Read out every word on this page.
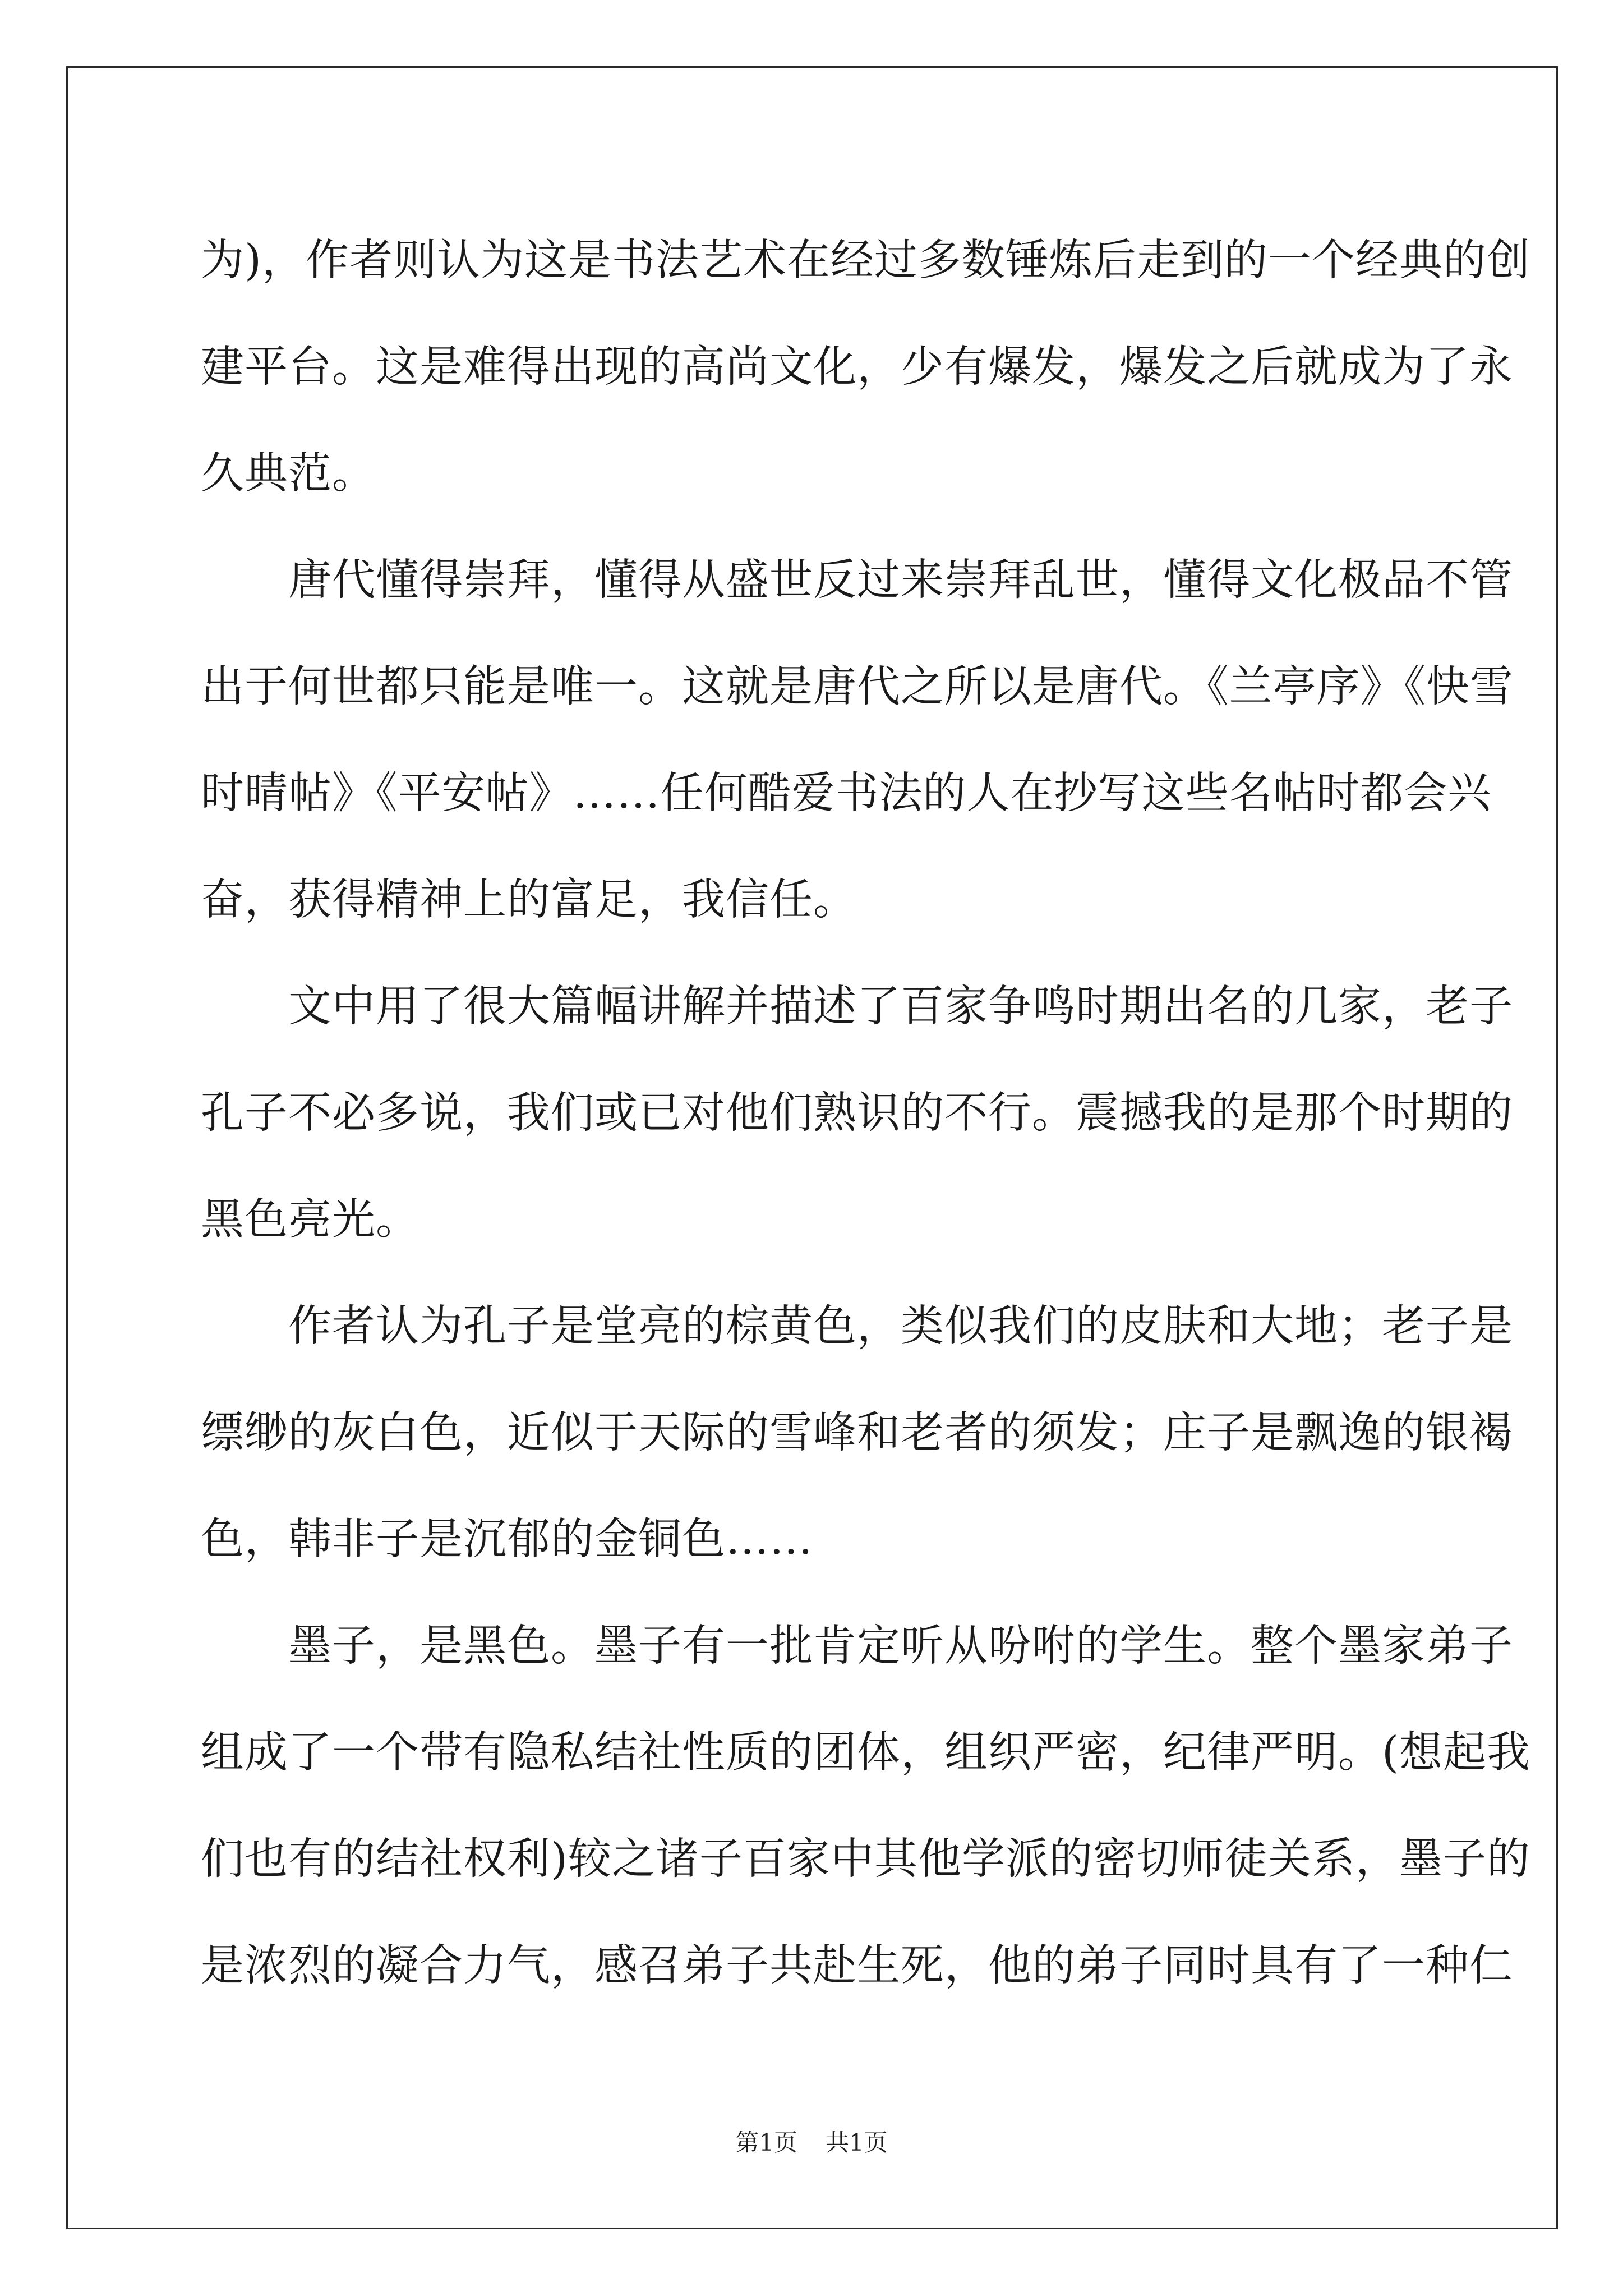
为)，作者则认为这是书法艺术在经过多数锤炼后走到的一个经典的创
建平台。这是难得出现的高尚文化，少有爆发，爆发之后就成为了永
久典范。
　　唐代懂得崇拜，懂得从盛世反过来崇拜乱世，懂得文化极品不管
出于何世都只能是唯一。这就是唐代之所以是唐代。《兰亭序》《快雪
时晴帖》《平安帖》……任何酷爱书法的人在抄写这些名帖时都会兴
奋，获得精神上的富足，我信任。
　　文中用了很大篇幅讲解并描述了百家争鸣时期出名的几家，老子
孔子不必多说，我们或已对他们熟识的不行。震撼我的是那个时期的
黑色亮光。
　　作者认为孔子是堂亮的棕黄色，类似我们的皮肤和大地；老子是
缥缈的灰白色，近似于天际的雪峰和老者的须发；庄子是飘逸的银褐
色，韩非子是沉郁的金铜色……
　　墨子，是黑色。墨子有一批肯定听从吩咐的学生。整个墨家弟子
组成了一个带有隐私结社性质的团体，组织严密，纪律严明。(想起我
们也有的结社权利)较之诸子百家中其他学派的密切师徒关系，墨子的
是浓烈的凝合力气，感召弟子共赴生死，他的弟子同时具有了一种仁
第1页 共1页
